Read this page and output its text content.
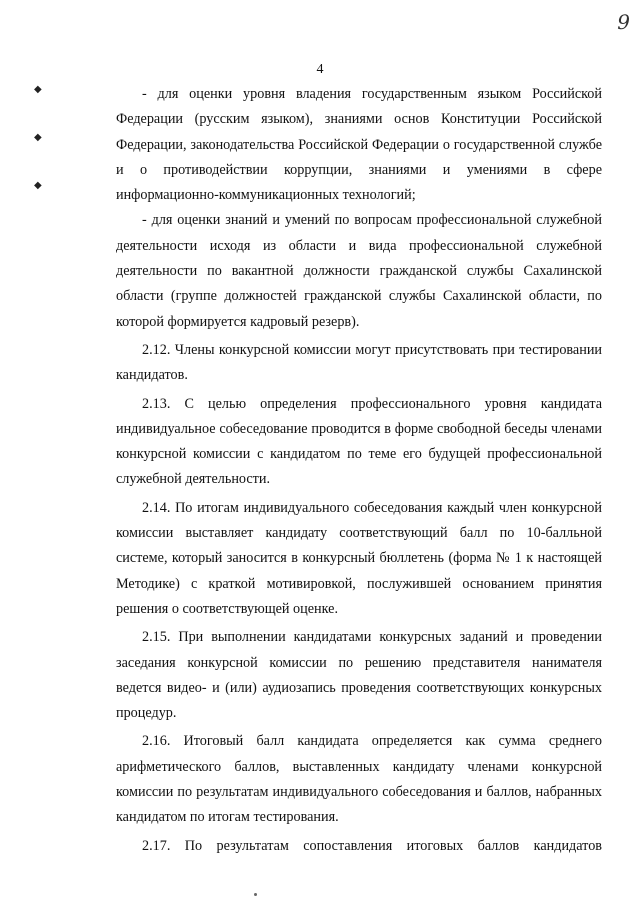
9
4
◆
◆
◆

- для оценки уровня владения государственным языком Российской Федерации (русским языком), знаниями основ Конституции Российской Федерации, законодательства Российской Федерации о государственной службе и о противодействии коррупции, знаниями и умениями в сфере информационно-коммуникационных технологий;

- для оценки знаний и умений по вопросам профессиональной служебной деятельности исходя из области и вида профессиональной служебной деятельности по вакантной должности гражданской службы Сахалинской области (группе должностей гражданской службы Сахалинской области, по которой формируется кадровый резерв).

2.12. Члены конкурсной комиссии могут присутствовать при тестировании кандидатов.

2.13. С целью определения профессионального уровня кандидата индивидуальное собеседование проводится в форме свободной беседы членами конкурсной комиссии с кандидатом по теме его будущей профессиональной служебной деятельности.

2.14. По итогам индивидуального собеседования каждый член конкурсной комиссии выставляет кандидату соответствующий балл по 10-балльной системе, который заносится в конкурсный бюллетень (форма № 1 к настоящей Методике) с краткой мотивировкой, послужившей основанием принятия решения о соответствующей оценке.

2.15. При выполнении кандидатами конкурсных заданий и проведении заседания конкурсной комиссии по решению представителя нанимателя ведется видео- и (или) аудиозапись проведения соответствующих конкурсных процедур.

2.16. Итоговый балл кандидата определяется как сумма среднего арифметического баллов, выставленных кандидату членами конкурсной комиссии по результатам индивидуального собеседования и баллов, набранных кандидатом по итогам тестирования.

2.17. По результатам сопоставления итоговых баллов кандидатов
